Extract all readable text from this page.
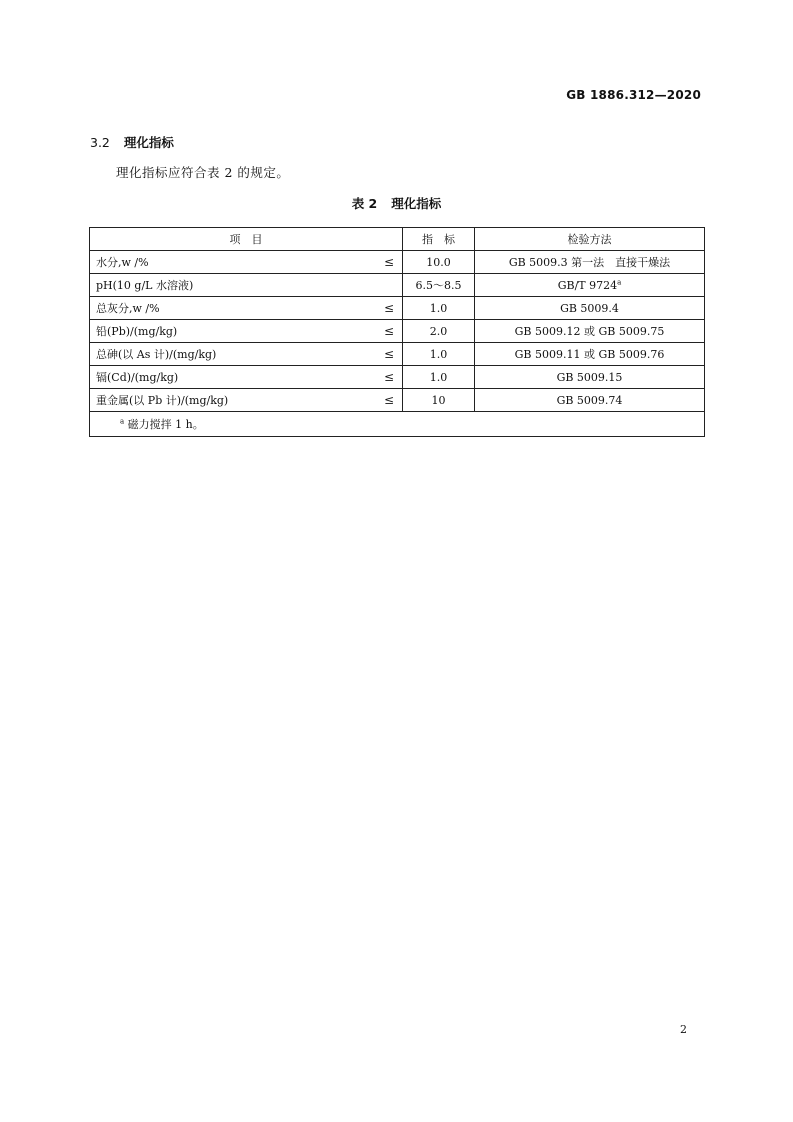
GB 1886.312—2020
3.2 理化指标
理化指标应符合表 2 的规定。
表 2 理化指标
项　目	指　标	检验方法

水分,w /% ≤	10.0	GB 5009.3 第一法　直接干燥法

pH(10 g/L 水溶液)	6.5～8.5	GB/T 9724$^a$

总灰分,w /% ≤	1.0	GB 5009.4

铅(Pb)/(mg/kg) ≤	2.0	GB 5009.12 或 GB 5009.75

总砷(以 As 计)/(mg/kg) ≤	1.0	GB 5009.11 或 GB 5009.76

镉(Cd)/(mg/kg) ≤	1.0	GB 5009.15

重金属(以 Pb 计)/(mg/kg) ≤	10	GB 5009.74
$^a$ 磁力搅拌 1 h。		
2
